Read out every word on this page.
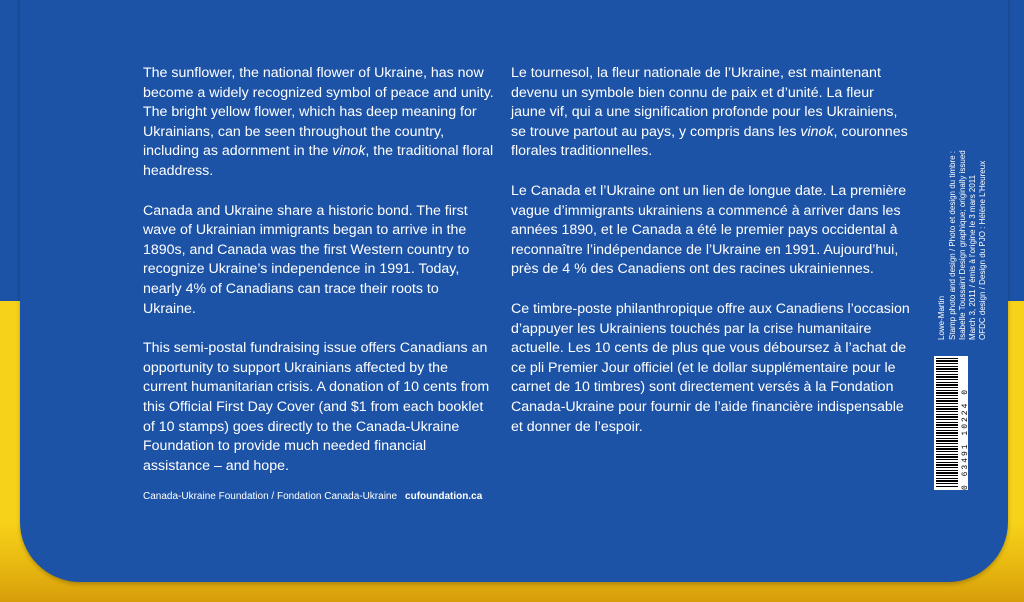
The sunflower, the national flower of Ukraine, has now become a widely recognized symbol of peace and unity. The bright yellow flower, which has deep meaning for Ukrainians, can be seen throughout the country, including as adornment in the vinok, the traditional floral headdress.

Canada and Ukraine share a historic bond. The first wave of Ukrainian immigrants began to arrive in the 1890s, and Canada was the first Western country to recognize Ukraine’s independence in 1991. Today, nearly 4% of Canadians can trace their roots to Ukraine.

This semi-postal fundraising issue offers Canadians an opportunity to support Ukrainians affected by the current humanitarian crisis. A donation of 10 cents from this Official First Day Cover (and $1 from each booklet of 10 stamps) goes directly to the Canada-Ukraine Foundation to provide much needed financial assistance – and hope.

Le tournesol, la fleur nationale de l’Ukraine, est maintenant devenu un symbole bien connu de paix et d’unité. La fleur jaune vif, qui a une signification profonde pour les Ukrainiens, se trouve partout au pays, y compris dans les vinok, couronnes florales traditionnelles.

Le Canada et l’Ukraine ont un lien de longue date. La première vague d’immigrants ukrainiens a commencé à arriver dans les années 1890, et le Canada a été le premier pays occidental à reconnaître l’indépendance de l’Ukraine en 1991. Aujourd’hui, près de 4 % des Canadiens ont des racines ukrainiennes.

Ce timbre-poste philanthropique offre aux Canadiens l’occasion d’appuyer les Ukrainiens touchés par la crise humanitaire actuelle. Les 10 cents de plus que vous déboursez à l’achat de ce pli Premier Jour officiel (et le dollar supplémentaire pour le carnet de 10 timbres) sont directement versés à la Fondation Canada-Ukraine pour fournir de l’aide financière indispensable et donner de l’espoir.

Canada-Ukraine Foundation / Fondation Canada-Ukraine cufoundation.ca
Lowe-Martin Stamp photo and design / Photo et design du timbre : Isabelle Toussaint Design graphique; originally issued March 3, 2011 / émis à l’origine le 3 mars 2011 OFDC design / Design du PJO : Hélène L’Heureux
0 63491 10224 0
